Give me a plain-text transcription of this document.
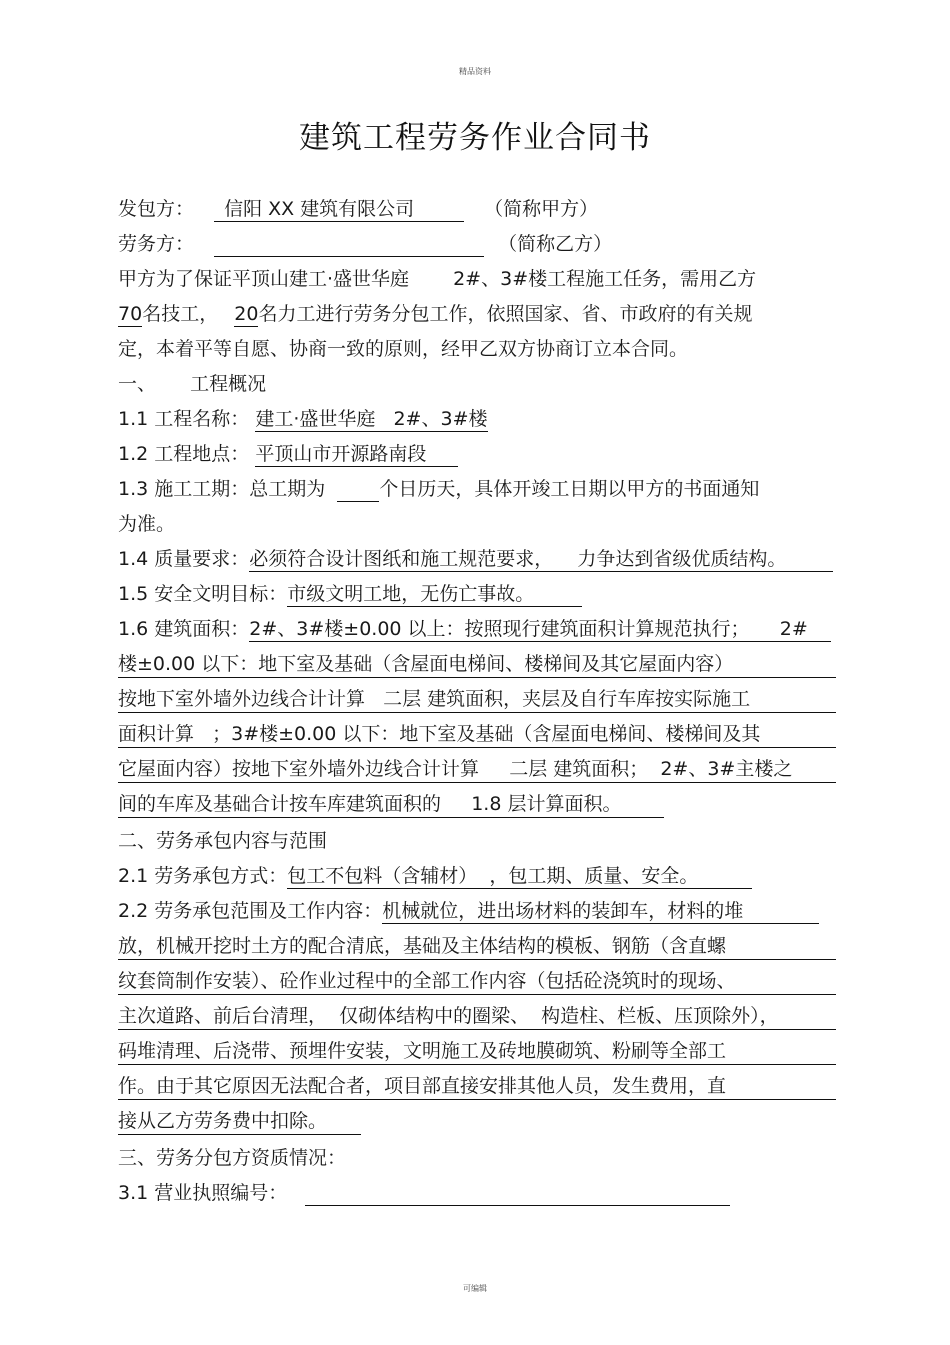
精品资料
建筑工程劳务作业合同书
发包方： 信阳 XX 建筑有限公司	（简称甲方）
劳务方：	（简称乙方）
甲方为了保证平顶山建工·盛世华庭 2#、3#楼工程施工任务，需用乙方
70名技工， 20名力工进行劳务分包工作，依照国家、省、市政府的有关规
定，本着平等自愿、协商一致的原则，经甲乙双方协商订立本合同。
一、 工程概况
1.1 工程名称： 建工·盛世华庭   2#、3#楼
1.2 工程地点： 平顶山市开源路南段
1.3 施工工期：总工期为	个日历天，具体开竣工日期以甲方的书面通知
为准。
1.4 质量要求：必须符合设计图纸和施工规范要求，    力争达到省级优质结构。
1.5 安全文明目标：市级文明工地，无伤亡事故。
1.6 建筑面积：2#、3#楼±0.00 以上：按照现行建筑面积计算规范执行；     2#
楼±0.00 以下：地下室及基础（含屋面电梯间、楼梯间及其它屋面内容）
按地下室外墙外边线合计计算   二层 建筑面积，夹层及自行车库按实际施工
面积计算   ；3#楼±0.00 以下：地下室及基础（含屋面电梯间、楼梯间及其
它屋面内容）按地下室外墙外边线合计计算     二层 建筑面积；  2#、3#主楼之
间的车库及基础合计按车库建筑面积的     1.8 层计算面积。
二、劳务承包内容与范围
2.1 劳务承包方式：包工不包料（含辅材）  ，包工期、质量、安全。
2.2 劳务承包范围及工作内容：机械就位，进出场材料的装卸车，材料的堆
放，机械开挖时土方的配合清底，基础及主体结构的模板、钢筋（含直螺
纹套筒制作安装）、砼作业过程中的全部工作内容（包括砼浇筑时的现场、
主次道路、前后台清理，  仅砌体结构中的圈梁、  构造柱、栏板、压顶除外），
码堆清理、后浇带、预埋件安装，文明施工及砖地膜砌筑、粉刷等全部工
作。由于其它原因无法配合者，项目部直接安排其他人员，发生费用，直
接从乙方劳务费中扣除。
三、劳务分包方资质情况：
3.1 营业执照编号：
可编辑
